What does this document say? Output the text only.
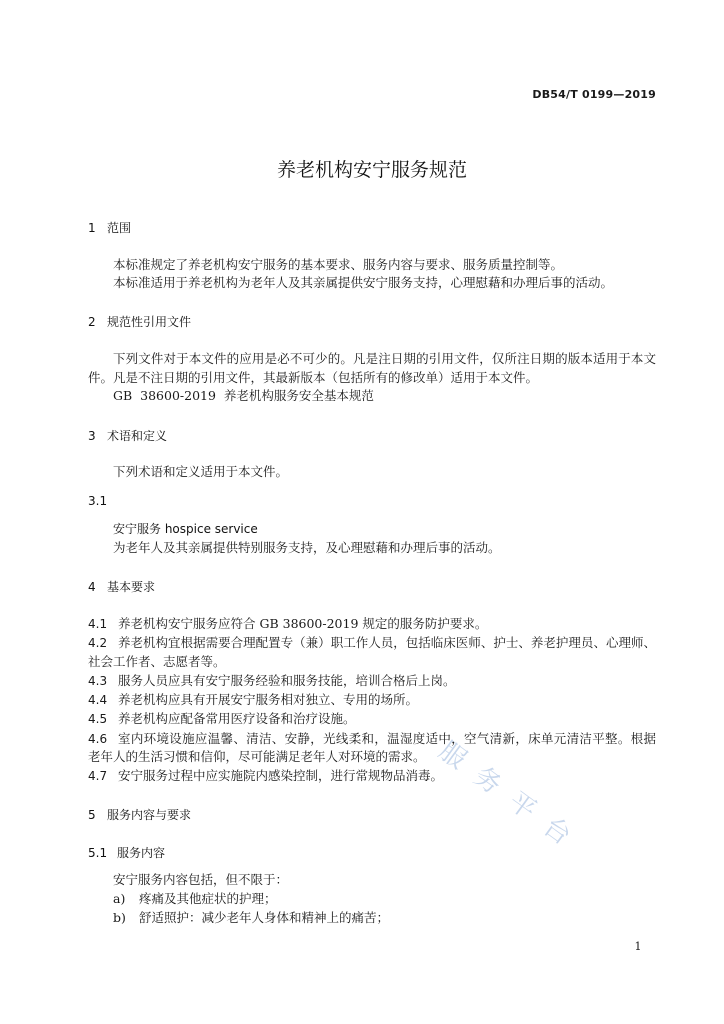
服务平台
DB54/T 0199—2019
养老机构安宁服务规范
1 范围
本标准规定了养老机构安宁服务的基本要求、服务内容与要求、服务质量控制等。
本标准适用于养老机构为老年人及其亲属提供安宁服务支持，心理慰藉和办理后事的活动。
2 规范性引用文件
下列文件对于本文件的应用是必不可少的。凡是注日期的引用文件，仅所注日期的版本适用于本文
件。凡是不注日期的引用文件，其最新版本（包括所有的修改单）适用于本文件。
GB 38600-2019 养老机构服务安全基本规范
3 术语和定义
下列术语和定义适用于本文件。
3.1
安宁服务 hospice service
为老年人及其亲属提供特别服务支持，及心理慰藉和办理后事的活动。
4 基本要求
4.1 养老机构安宁服务应符合 GB 38600-2019 规定的服务防护要求。
4.2 养老机构宜根据需要合理配置专（兼）职工作人员，包括临床医师、护士、养老护理员、心理师、
社会工作者、志愿者等。
4.3 服务人员应具有安宁服务经验和服务技能，培训合格后上岗。
4.4 养老机构应具有开展安宁服务相对独立、专用的场所。
4.5 养老机构应配备常用医疗设备和治疗设施。
4.6 室内环境设施应温馨、清洁、安静，光线柔和，温湿度适中，空气清新，床单元清洁平整。根据
老年人的生活习惯和信仰，尽可能满足老年人对环境的需求。
4.7 安宁服务过程中应实施院内感染控制，进行常规物品消毒。
5 服务内容与要求
5.1 服务内容
安宁服务内容包括，但不限于：
a) 疼痛及其他症状的护理；
b) 舒适照护：减少老年人身体和精神上的痛苦；
1
